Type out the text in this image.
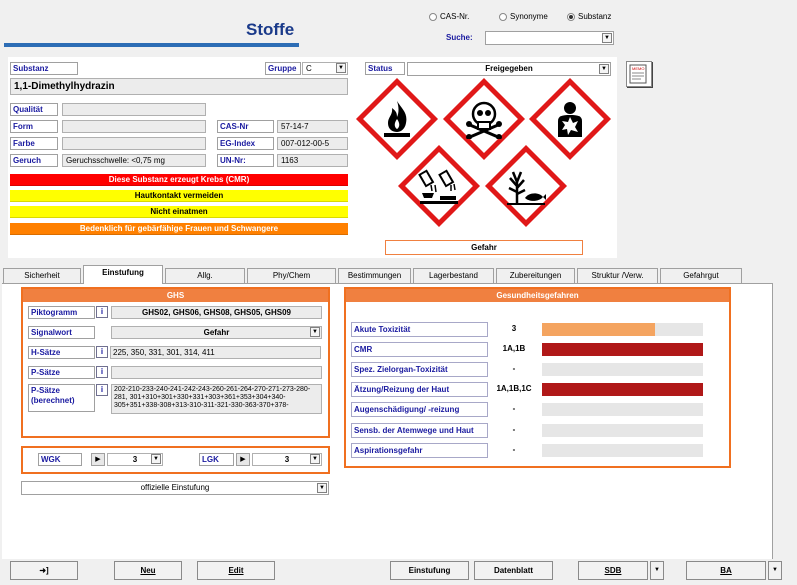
Stoffe
CAS-Nr.	Synonyme	Substanz
Suche:	▼
Substanz	Gruppe	C	▼
1,1-Dimethylhydrazin
Status	Freigegeben	▼	MEMO
Qualität
Form
Farbe
Geruch	Geruchsschwelle: <0,75 mg
CAS-Nr	57-14-7
EG-Index	007-012-00-5
UN-Nr:	1163
Diese Substanz erzeugt Krebs (CMR)
Hautkontakt vermeiden
Nicht einatmen
Bedenklich für gebärfähige Frauen und Schwangere
Gefahr
Sicherheit	Einstufung	Allg.	Phy/Chem	Bestimmungen	Lagerbestand	Zubereitungen	Struktur /Verw.	Gefahrgut
GHS
Piktogramm	i	GHS02, GHS06, GHS08, GHS05, GHS09
Signalwort	Gefahr	▼
H-Sätze	i	225, 350, 331, 301, 314, 411
P-Sätze	i
P-Sätze (berechnet)
i	202-210-233-240-241-242-243-260-261-264-270-271-273-280-281, 301+310+301+330+331+303+361+353+304+340-305+351+338-308+313-310-311-321-330-363-370+378-
WGK	▶	3	▼	LGK	▶	3	▼
offizielle Einstufung	▼
Gesundheitsgefahren
Akute Toxizität	3
CMR	1A,1B
Spez. Zielorgan-Toxizität	-
Ätzung/Reizung der Haut	1A,1B,1C
Augenschädigung/ -reizung	-
Sensb. der Atemwege und Haut	-
Aspirationsgefahr	-
➜]	Neu	Edit	Einstufung	Datenblatt	SDB	▼	BA	▼
